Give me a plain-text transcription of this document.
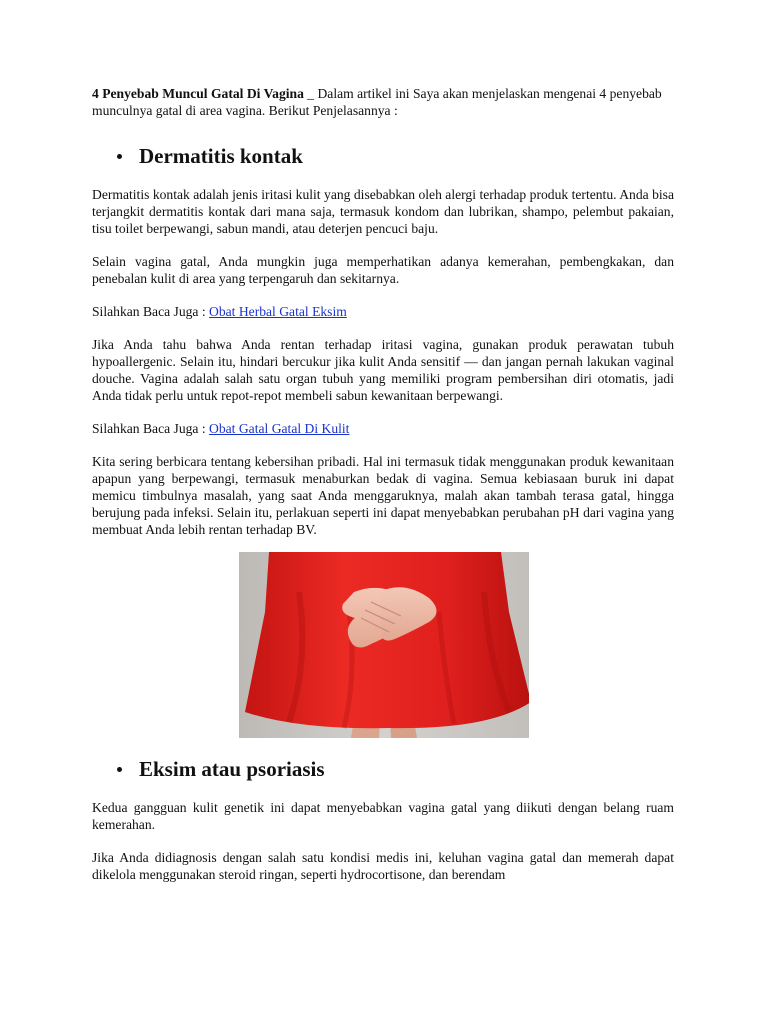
4 Penyebab Muncul Gatal Di Vagina _ Dalam artikel ini Saya akan menjelaskan mengenai 4 penyebab munculnya gatal di area vagina. Berikut Penjelasannya :

Dermatitis kontak

Dermatitis kontak adalah jenis iritasi kulit yang disebabkan oleh alergi terhadap produk tertentu. Anda bisa terjangkit dermatitis kontak dari mana saja, termasuk kondom dan lubrikan, shampo, pelembut pakaian, tisu toilet berpewangi, sabun mandi, atau deterjen pencuci baju.

Selain vagina gatal, Anda mungkin juga memperhatikan adanya kemerahan, pembengkakan, dan penebalan kulit di area yang terpengaruh dan sekitarnya.

Silahkan Baca Juga : Obat Herbal Gatal Eksim

Jika Anda tahu bahwa Anda rentan terhadap iritasi vagina, gunakan produk perawatan tubuh hypoallergenic. Selain itu, hindari bercukur jika kulit Anda sensitif — dan jangan pernah lakukan vaginal douche. Vagina adalah salah satu organ tubuh yang memiliki program pembersihan diri otomatis, jadi Anda tidak perlu untuk repot-repot membeli sabun kewanitaan berpewangi.

Silahkan Baca Juga : Obat Gatal Gatal Di Kulit

Kita sering berbicara tentang kebersihan pribadi. Hal ini termasuk tidak menggunakan produk kewanitaan apapun yang berpewangi, termasuk menaburkan bedak di vagina. Semua kebiasaan buruk ini dapat memicu timbulnya masalah, yang saat Anda menggaruknya, malah akan tambah terasa gatal, hingga berujung pada infeksi. Selain itu, perlakuan seperti ini dapat menyebabkan perubahan pH dari vagina yang membuat Anda lebih rentan terhadap BV.

Eksim atau psoriasis

Kedua gangguan kulit genetik ini dapat menyebabkan vagina gatal yang diikuti dengan belang ruam kemerahan.

Jika Anda didiagnosis dengan salah satu kondisi medis ini, keluhan vagina gatal dan memerah dapat dikelola menggunakan steroid ringan, seperti hydrocortisone, dan berendam
